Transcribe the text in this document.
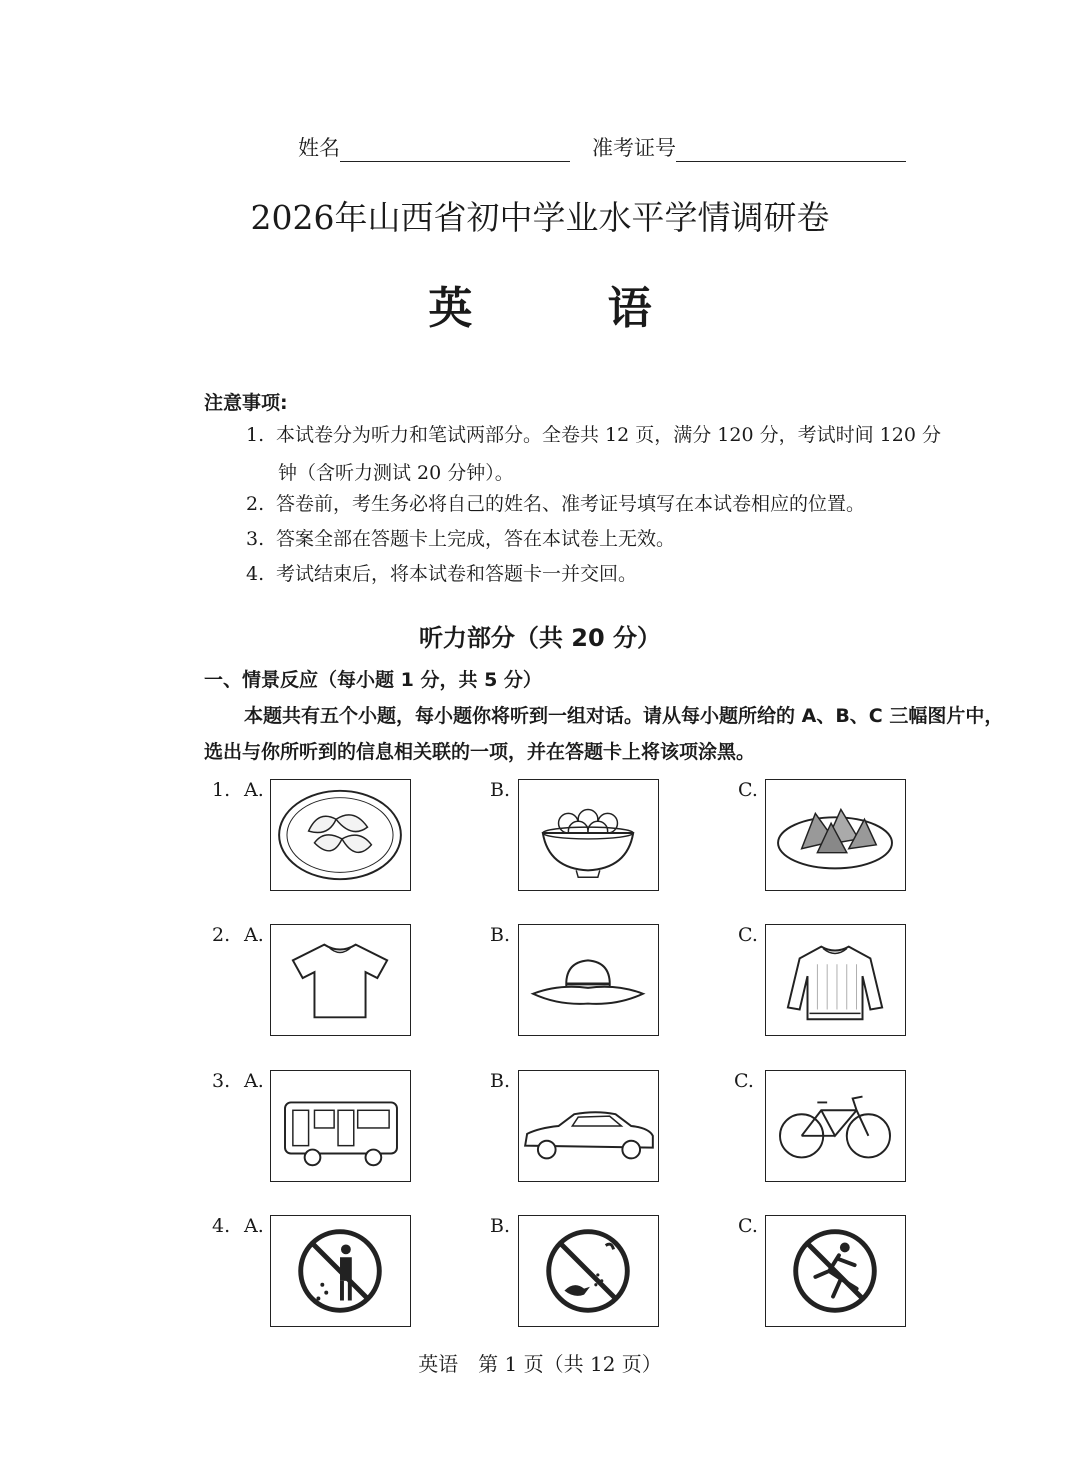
姓名	准考证号
2026年山西省初中学业水平学情调研卷
英 语
注意事项:
1. 本试卷分为听力和笔试两部分。全卷共 12 页，满分 120 分，考试时间 120 分
钟（含听力测试 20 分钟）。
2. 答卷前，考生务必将自己的姓名、准考证号填写在本试卷相应的位置。
3. 答案全部在答题卡上完成，答在本试卷上无效。
4. 考试结束后，将本试卷和答题卡一并交回。
听力部分（共 20 分）
一、情景反应（每小题 1 分，共 5 分）
本题共有五个小题，每小题你将听到一组对话。请从每小题所给的 A、B、C 三幅图片中，选出与你所听到的信息相关联的一项，并在答题卡上将该项涂黑。
1. A.	B.	C.
2. A.	B.	C.
3. A.	B.	C.
4. A.	B.	C.
英语　第 1 页（共 12 页）
